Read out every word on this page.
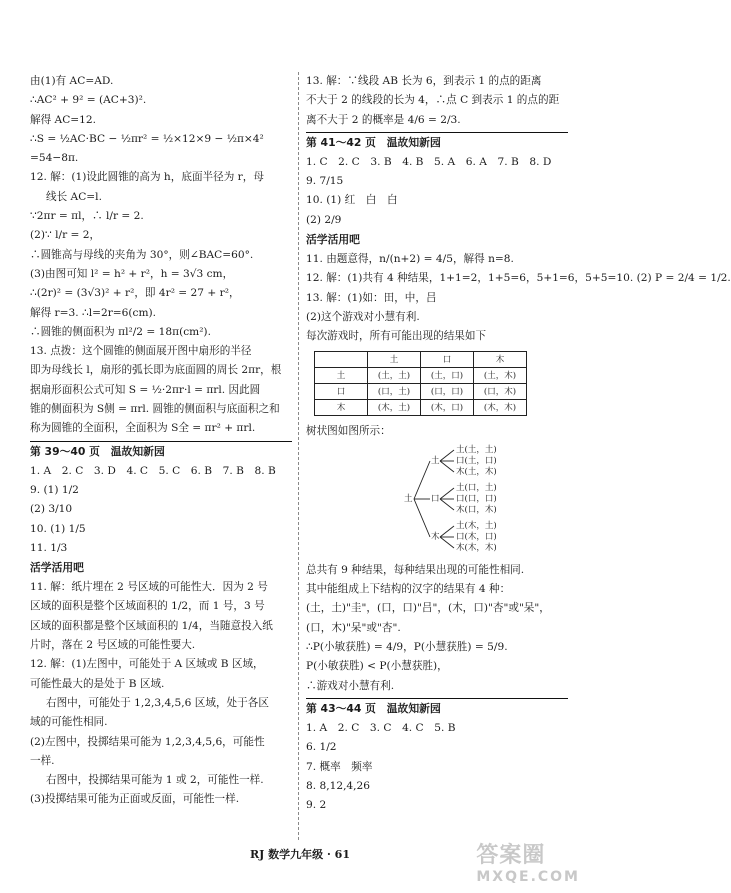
由(1)有 AC=AD.
∴AC² + 9² = (AC+3)².
解得 AC=12.
∴S = ½AC·BC − ½πr² = ½×12×9 − ½π×4²
=54−8π.
12. 解：(1)设此圆锥的高为 h，底面半径为 r，母
线长 AC=l.
∵2πr = πl，∴ l/r = 2.
(2)∵ l/r = 2，
∴圆锥高与母线的夹角为 30°，则∠BAC=60°.
(3)由图可知 l² = h² + r²，h = 3√3 cm，
∴(2r)² = (3√3)² + r²，即 4r² = 27 + r²，
解得 r=3. ∴l=2r=6(cm).
∴圆锥的侧面积为 πl²/2 = 18π(cm²).
13. 点拨：这个圆锥的侧面展开图中扇形的半径
即为母线长 l，扇形的弧长即为底面圆的周长 2πr，根
据扇形面积公式可知 S = ½·2πr·l = πrl. 因此圆
锥的侧面积为 S侧 = πrl. 圆锥的侧面积与底面积之和
称为圆锥的全面积，全面积为 S全 = πr² + πrl.
第 39～40 页　温故知新园
1. A　2. C　3. D　4. C　5. C　6. B　7. B　8. B
9. (1) 1/2
(2) 3/10
10. (1) 1/5
11. 1/3
活学活用吧
11. 解：纸片埋在 2 号区域的可能性大．因为 2 号
区域的面积是整个区域面积的 1/2，而 1 号，3 号
区域的面积都是整个区域面积的 1/4，当随意投入纸
片时，落在 2 号区域的可能性要大.
12. 解：(1)左图中，可能处于 A 区域或 B 区域，
可能性最大的是处于 B 区域.
右图中，可能处于 1,2,3,4,5,6 区域，处于各区
域的可能性相同.
(2)左图中，投掷结果可能为 1,2,3,4,5,6，可能性
一样.
右图中，投掷结果可能为 1 或 2，可能性一样.
(3)投掷结果可能为正面或反面，可能性一样.
13. 解：∵线段 AB 长为 6，到表示 1 的点的距离
不大于 2 的线段的长为 4，∴点 C 到表示 1 的点的距
离不大于 2 的概率是 4/6 = 2/3.
第 41～42 页　温故知新园
1. C　2. C　3. B　4. B　5. A　6. A　7. B　8. D
9. 7/15
10. (1) 红　白　白
(2) 2/9
活学活用吧
11. 由题意得，n/(n+2) = 4/5，解得 n=8.
12. 解：(1)共有 4 种结果，1+1=2，1+5=6，5+1=6，5+5=10. (2) P = 2/4 = 1/2.
13. 解：(1)如：田，中，吕
(2)这个游戏对小慧有利.
每次游戏时，所有可能出现的结果如下
	土	口	木
土	(土，土)	(土，口)	(土，木)
口	(口，土)	(口，口)	(口，木)
木	(木，土)	(木，口)	(木，木)
树状图如图所示：
土
土
土(土，土)
口(土，口)
木(土，木)
口
土(口，土)
口(口，口)
木(口，木)
木
土(木，土)
口(木，口)
木(木，木)
总共有 9 种结果，每种结果出现的可能性相同.
其中能组成上下结构的汉字的结果有 4 种：
(土，土)"圭"，(口，口)"吕"，(木，口)"杏"或"呆"，
(口，木)"呆"或"杏".
∴P(小敏获胜) = 4/9，P(小慧获胜) = 5/9.
P(小敏获胜) < P(小慧获胜)，
∴游戏对小慧有利.
第 43～44 页　温故知新园
1. A　2. C　3. C　4. C　5. B
6. 1/2
7. 概率　频率
8. 8,12,4,26
9. 2
RJ 数学九年级 · 61	答案圈
MXQE.COM
